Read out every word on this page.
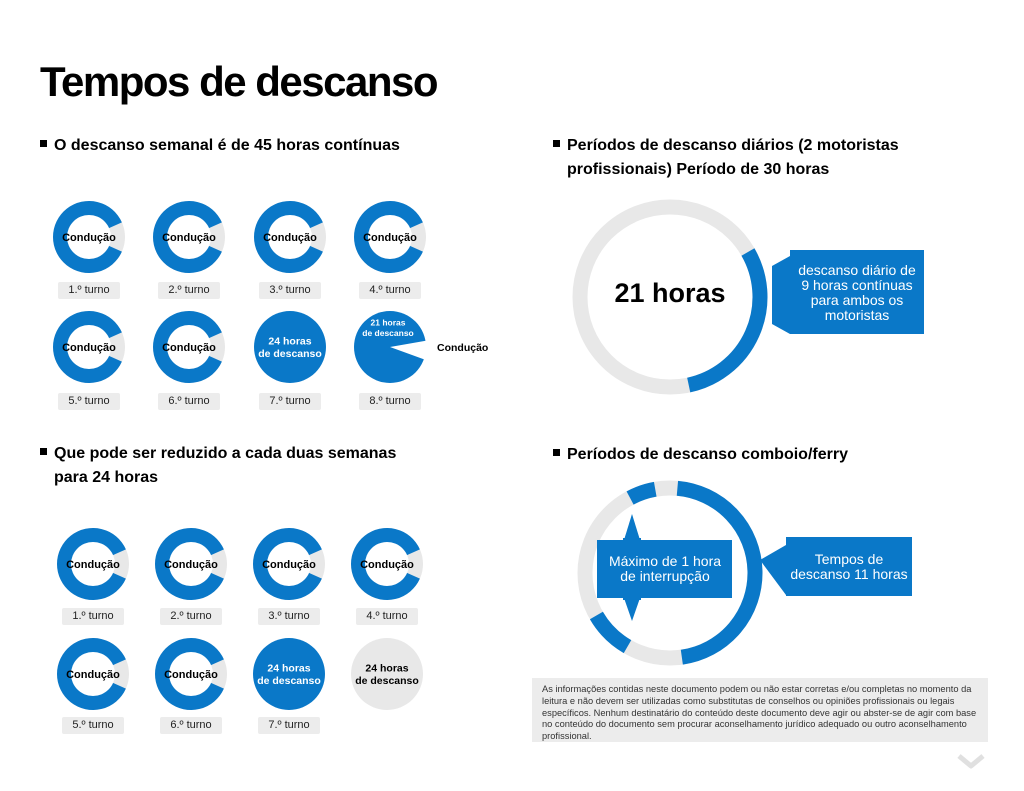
Tempos de descanso
O descanso semanal é de 45 horas contínuas
Que pode ser reduzido a cada duas semanas
para 24 horas
Períodos de descanso diários (2 motoristas
profissionais) Período de 30 horas
Períodos de descanso comboio/ferry
Condução	Condução	Condução	Condução
Condução	Condução
24 horas de descanso
21 horas de descanso
Condução
Condução	Condução	Condução	Condução
Condução	Condução
24 horas de descanso
24 horas de descanso
1.º turno	2.º turno	3.º turno	4.º turno
5.º turno	6.º turno	7.º turno	8.º turno
1.º turno	2.º turno	3.º turno	4.º turno
5.º turno	6.º turno	7.º turno
21 horas
descanso diário de 9 horas contínuas para ambos os motoristas
Máximo de 1 hora de interrupção
Tempos de descanso 11 horas
As informações contidas neste documento podem ou não estar corretas e/ou completas no momento da leitura e não devem ser utilizadas como substitutas de conselhos ou opiniões profissionais ou legais específicos. Nenhum destinatário do conteúdo deste documento deve agir ou abster-se de agir com base no conteúdo do documento sem procurar aconselhamento jurídico adequado ou outro aconselhamento profissional.
